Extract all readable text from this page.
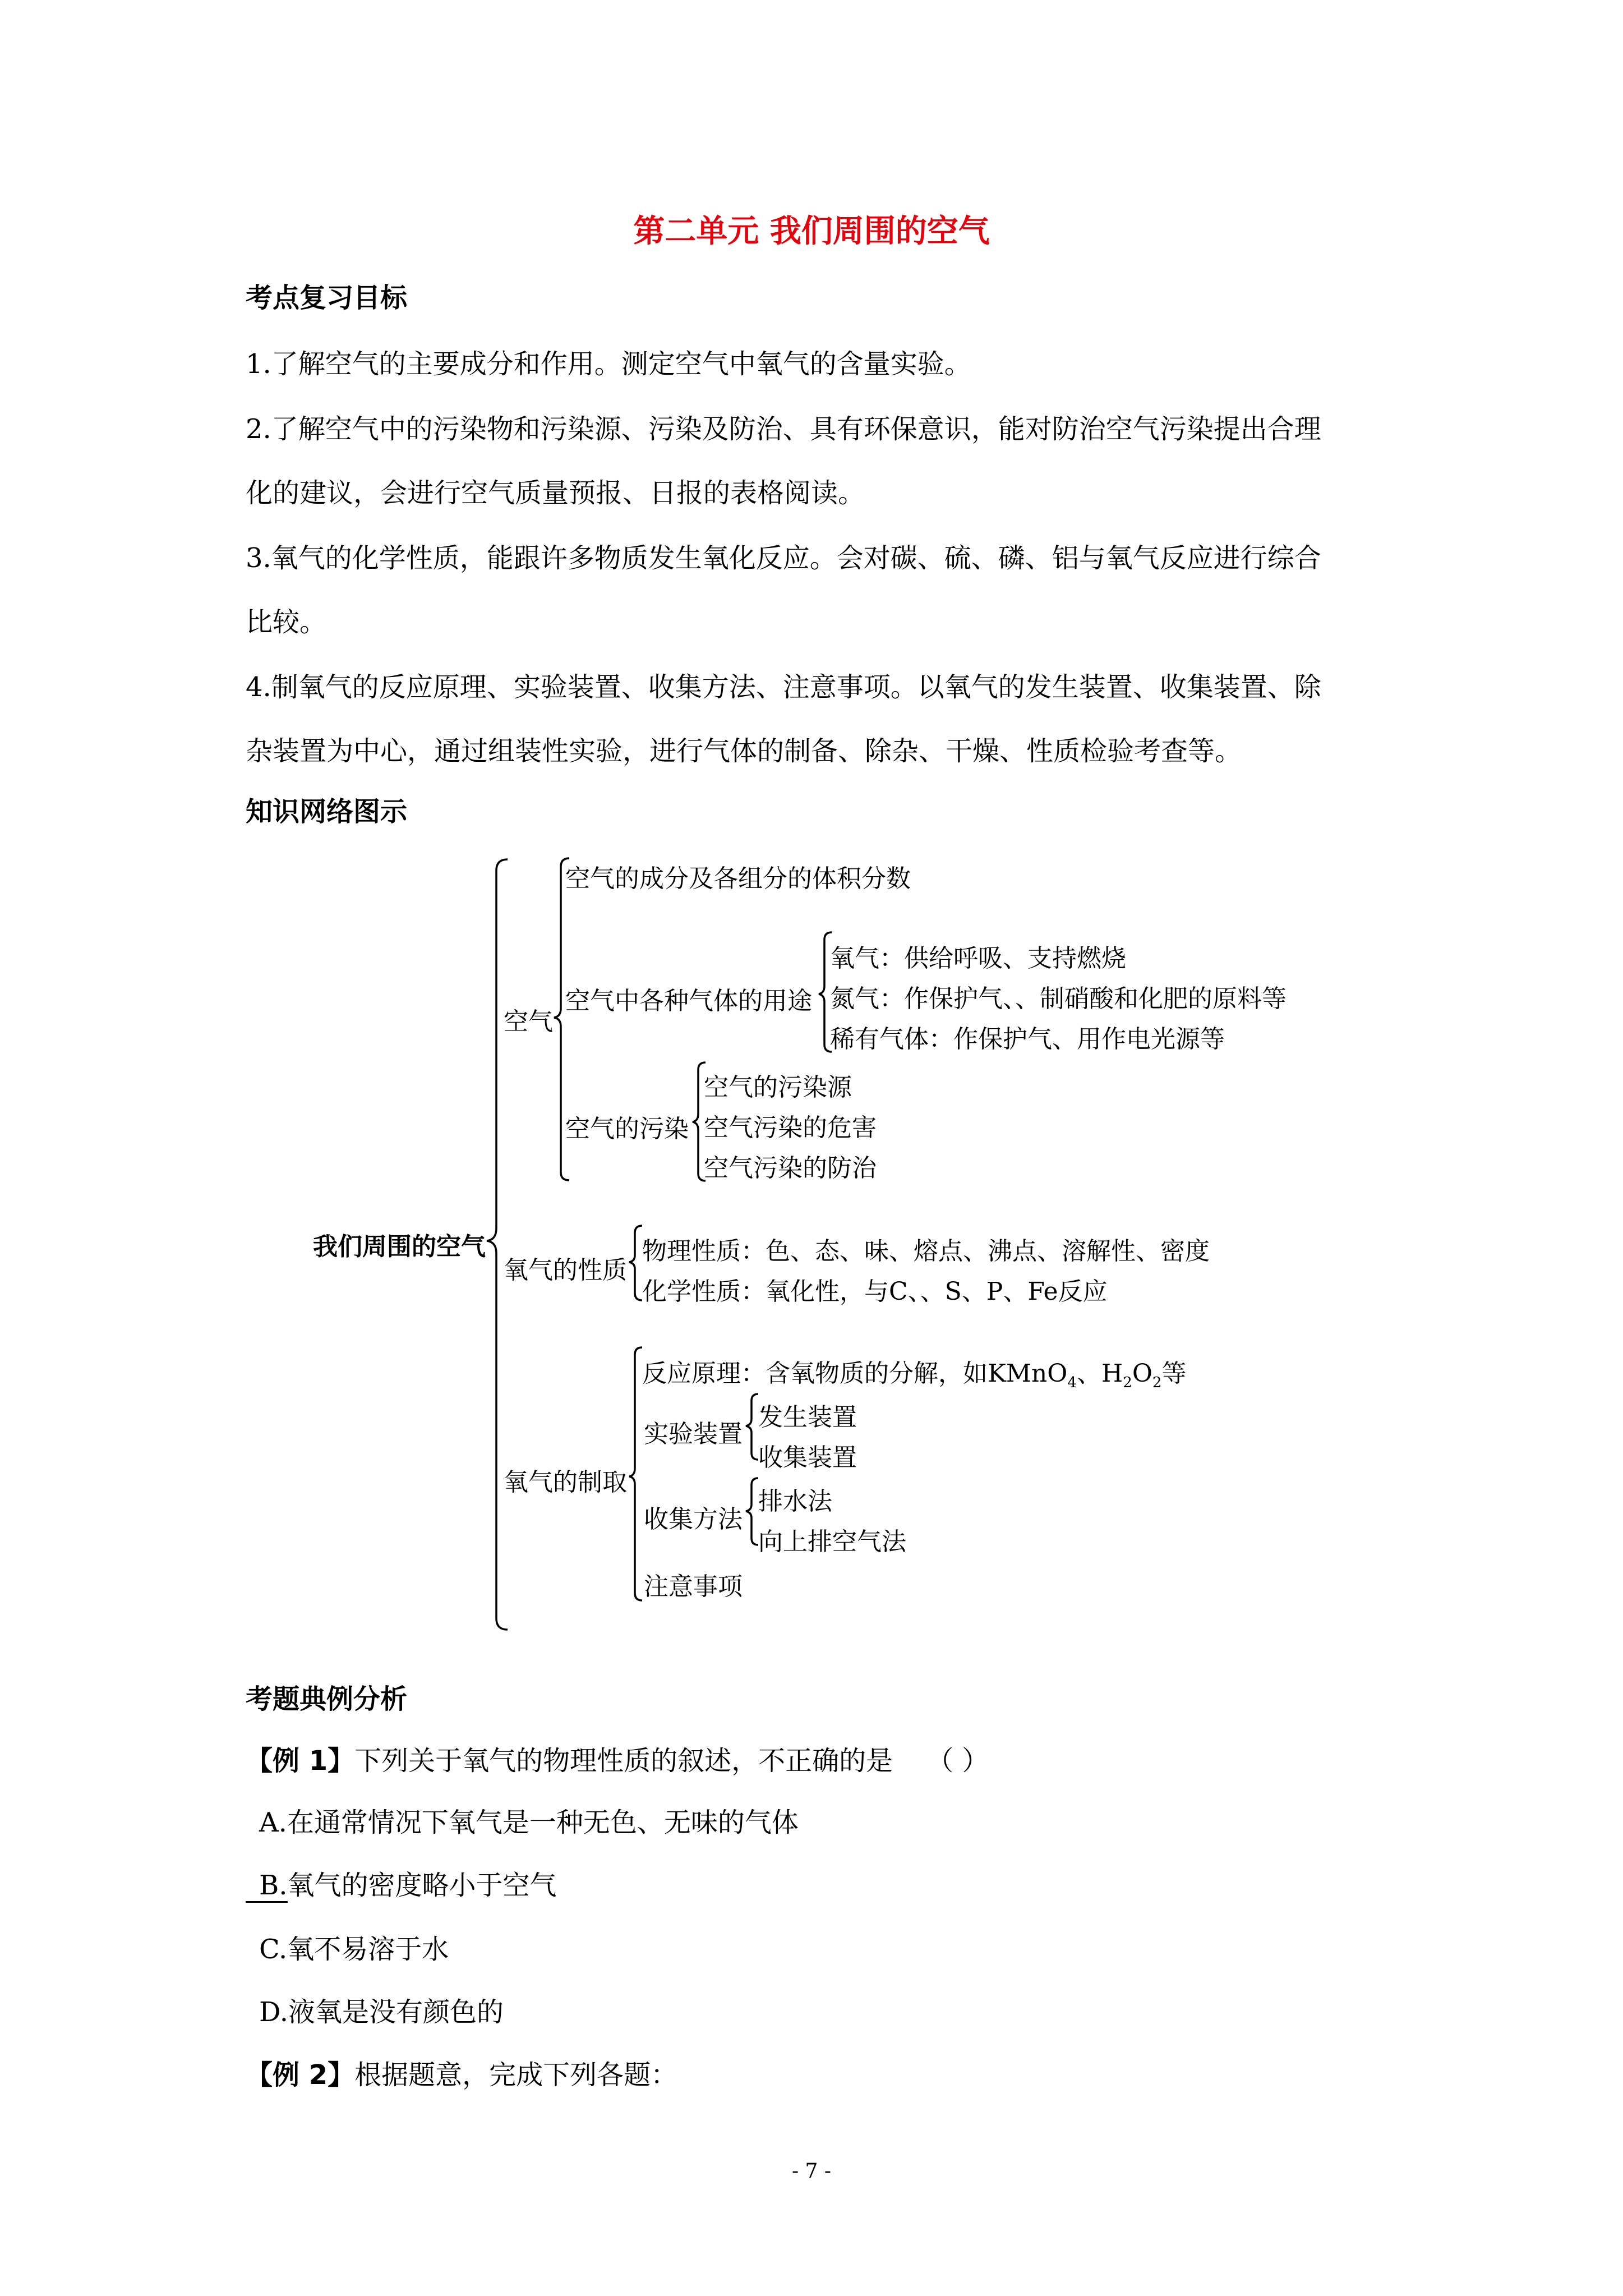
第二单元 我们周围的空气
考点复习目标
1.了解空气的主要成分和作用。测定空气中氧气的含量实验。
2.了解空气中的污染物和污染源、污染及防治、具有环保意识，能对防治空气污染提出合理
化的建议，会进行空气质量预报、日报的表格阅读。
3.氧气的化学性质，能跟许多物质发生氧化反应。会对碳、硫、磷、铝与氧气反应进行综合
比较。
4.制氧气的反应原理、实验装置、收集方法、注意事项。以氧气的发生装置、收集装置、除
杂装置为中心，通过组装性实验，进行气体的制备、除杂、干燥、性质检验考查等。
知识网络图示
我们周围的空气
空气
空气的成分及各组分的体积分数
空气中各种气体的用途
氧气：供给呼吸、支持燃烧
氮气：作保护气、、制硝酸和化肥的原料等
稀有气体：作保护气、用作电光源等
空气的污染
空气的污染源
空气污染的危害
空气污染的防治
氧气的性质
物理性质：色、态、味、熔点、沸点、溶解性、密度
化学性质：氧化性，与C、、S、P、Fe反应
氧气的制取
反应原理：含氧物质的分解，如KMnO$_4$、$H_2O_2$等
实验装置
发生装置
收集装置
收集方法
排水法
向上排空气法
注意事项
考题典例分析
【例 1】下列关于氧气的物理性质的叙述，不正确的是 （ ）
A.在通常情况下氧气是一种无色、无味的气体
B.氧气的密度略小于空气
C.氧不易溶于水
D.液氧是没有颜色的
【例 2】根据题意，完成下列各题：
- 7 -
